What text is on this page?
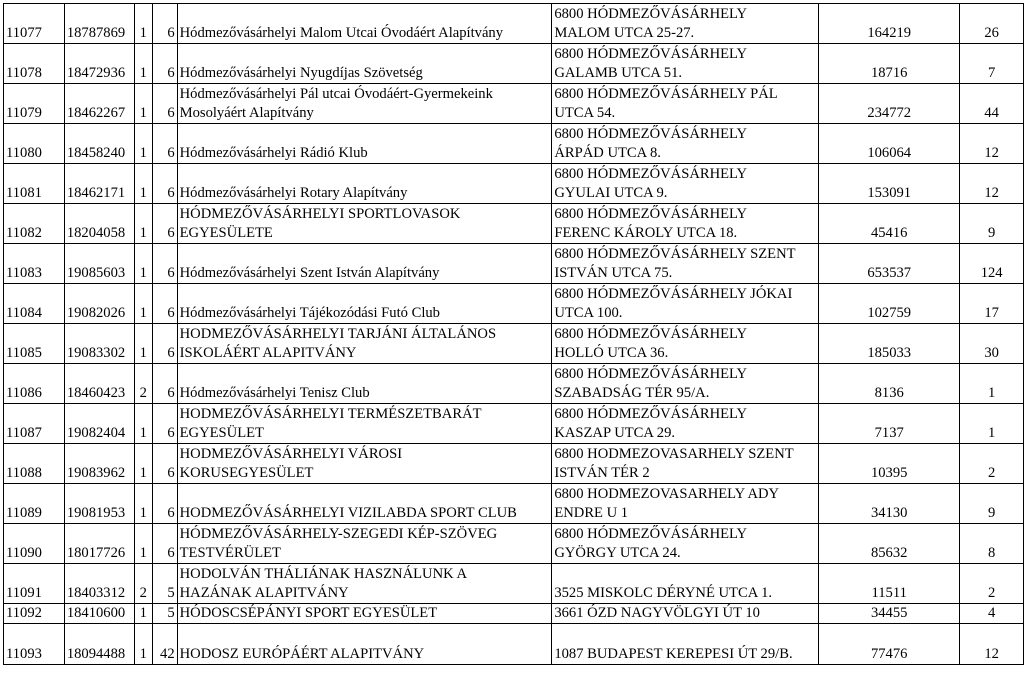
11077	18787869	1	6	Hódmezővásárhelyi Malom Utcai Óvodáért Alapítvány	6800 HÓDMEZŐVÁSÁRHELY
MALOM UTCA 25-27.	164219	26
11078	18472936	1	6	Hódmezővásárhelyi Nyugdíjas Szövetség	6800 HÓDMEZŐVÁSÁRHELY
GALAMB UTCA 51.	18716	7
11079	18462267	1	6	Hódmezővásárhelyi Pál utcai Óvodáért-Gyermekeink
Mosolyáért Alapítvány	6800 HÓDMEZŐVÁSÁRHELY PÁL
UTCA 54.	234772	44
11080	18458240	1	6	Hódmezővásárhelyi Rádió Klub	6800 HÓDMEZŐVÁSÁRHELY
ÁRPÁD UTCA 8.	106064	12
11081	18462171	1	6	Hódmezővásárhelyi Rotary Alapítvány	6800 HÓDMEZŐVÁSÁRHELY
GYULAI UTCA 9.	153091	12
11082	18204058	1	6	HÓDMEZŐVÁSÁRHELYI SPORTLOVASOK
EGYESÜLETE	6800 HÓDMEZŐVÁSÁRHELY
FERENC KÁROLY UTCA 18.	45416	9
11083	19085603	1	6	Hódmezővásárhelyi Szent István Alapítvány	6800 HÓDMEZŐVÁSÁRHELY SZENT
ISTVÁN UTCA 75.	653537	124
11084	19082026	1	6	Hódmezővásárhelyi Tájékozódási Futó Club	6800 HÓDMEZŐVÁSÁRHELY JÓKAI
UTCA 100.	102759	17
11085	19083302	1	6	HODMEZŐVÁSÁRHELYI TARJÁNI ÁLTALÁNOS
ISKOLÁÉRT ALAPITVÁNY	6800 HÓDMEZŐVÁSÁRHELY
HOLLÓ UTCA 36.	185033	30
11086	18460423	2	6	Hódmezővásárhelyi Tenisz Club	6800 HÓDMEZŐVÁSÁRHELY
SZABADSÁG TÉR 95/A.	8136	1
11087	19082404	1	6	HODMEZŐVÁSÁRHELYI TERMÉSZETBARÁT
EGYESÜLET	6800 HÓDMEZŐVÁSÁRHELY
KASZAP UTCA 29.	7137	1
11088	19083962	1	6	HODMEZŐVÁSÁRHELYI VÁROSI
KORUSEGYESÜLET	6800 HODMEZOVASARHELY SZENT
ISTVÁN TÉR 2	10395	2
11089	19081953	1	6	HODMEZŐVÁSÁRHELYI VIZILABDA SPORT CLUB	6800 HODMEZOVASARHELY ADY
ENDRE U 1	34130	9
11090	18017726	1	6	HÓDMEZŐVÁSÁRHELY-SZEGEDI KÉP-SZÖVEG
TESTVÉRÜLET	6800 HÓDMEZŐVÁSÁRHELY
GYÖRGY UTCA 24.	85632	8
11091	18403312	2	5	HODOLVÁN THÁLIÁNAK HASZNÁLUNK A
HAZÁNAK ALAPITVÁNY	3525 MISKOLC DÉRYNÉ UTCA 1.	11511	2
11092	18410600	1	5	HÓDOSCSÉPÁNYI SPORT EGYESÜLET	3661 ÓZD NAGYVÖLGYI ÚT 10	34455	4
11093	18094488	1	42	HODOSZ EURÓPÁÉRT ALAPITVÁNY	1087 BUDAPEST KEREPESI ÚT 29/B.	77476	12
